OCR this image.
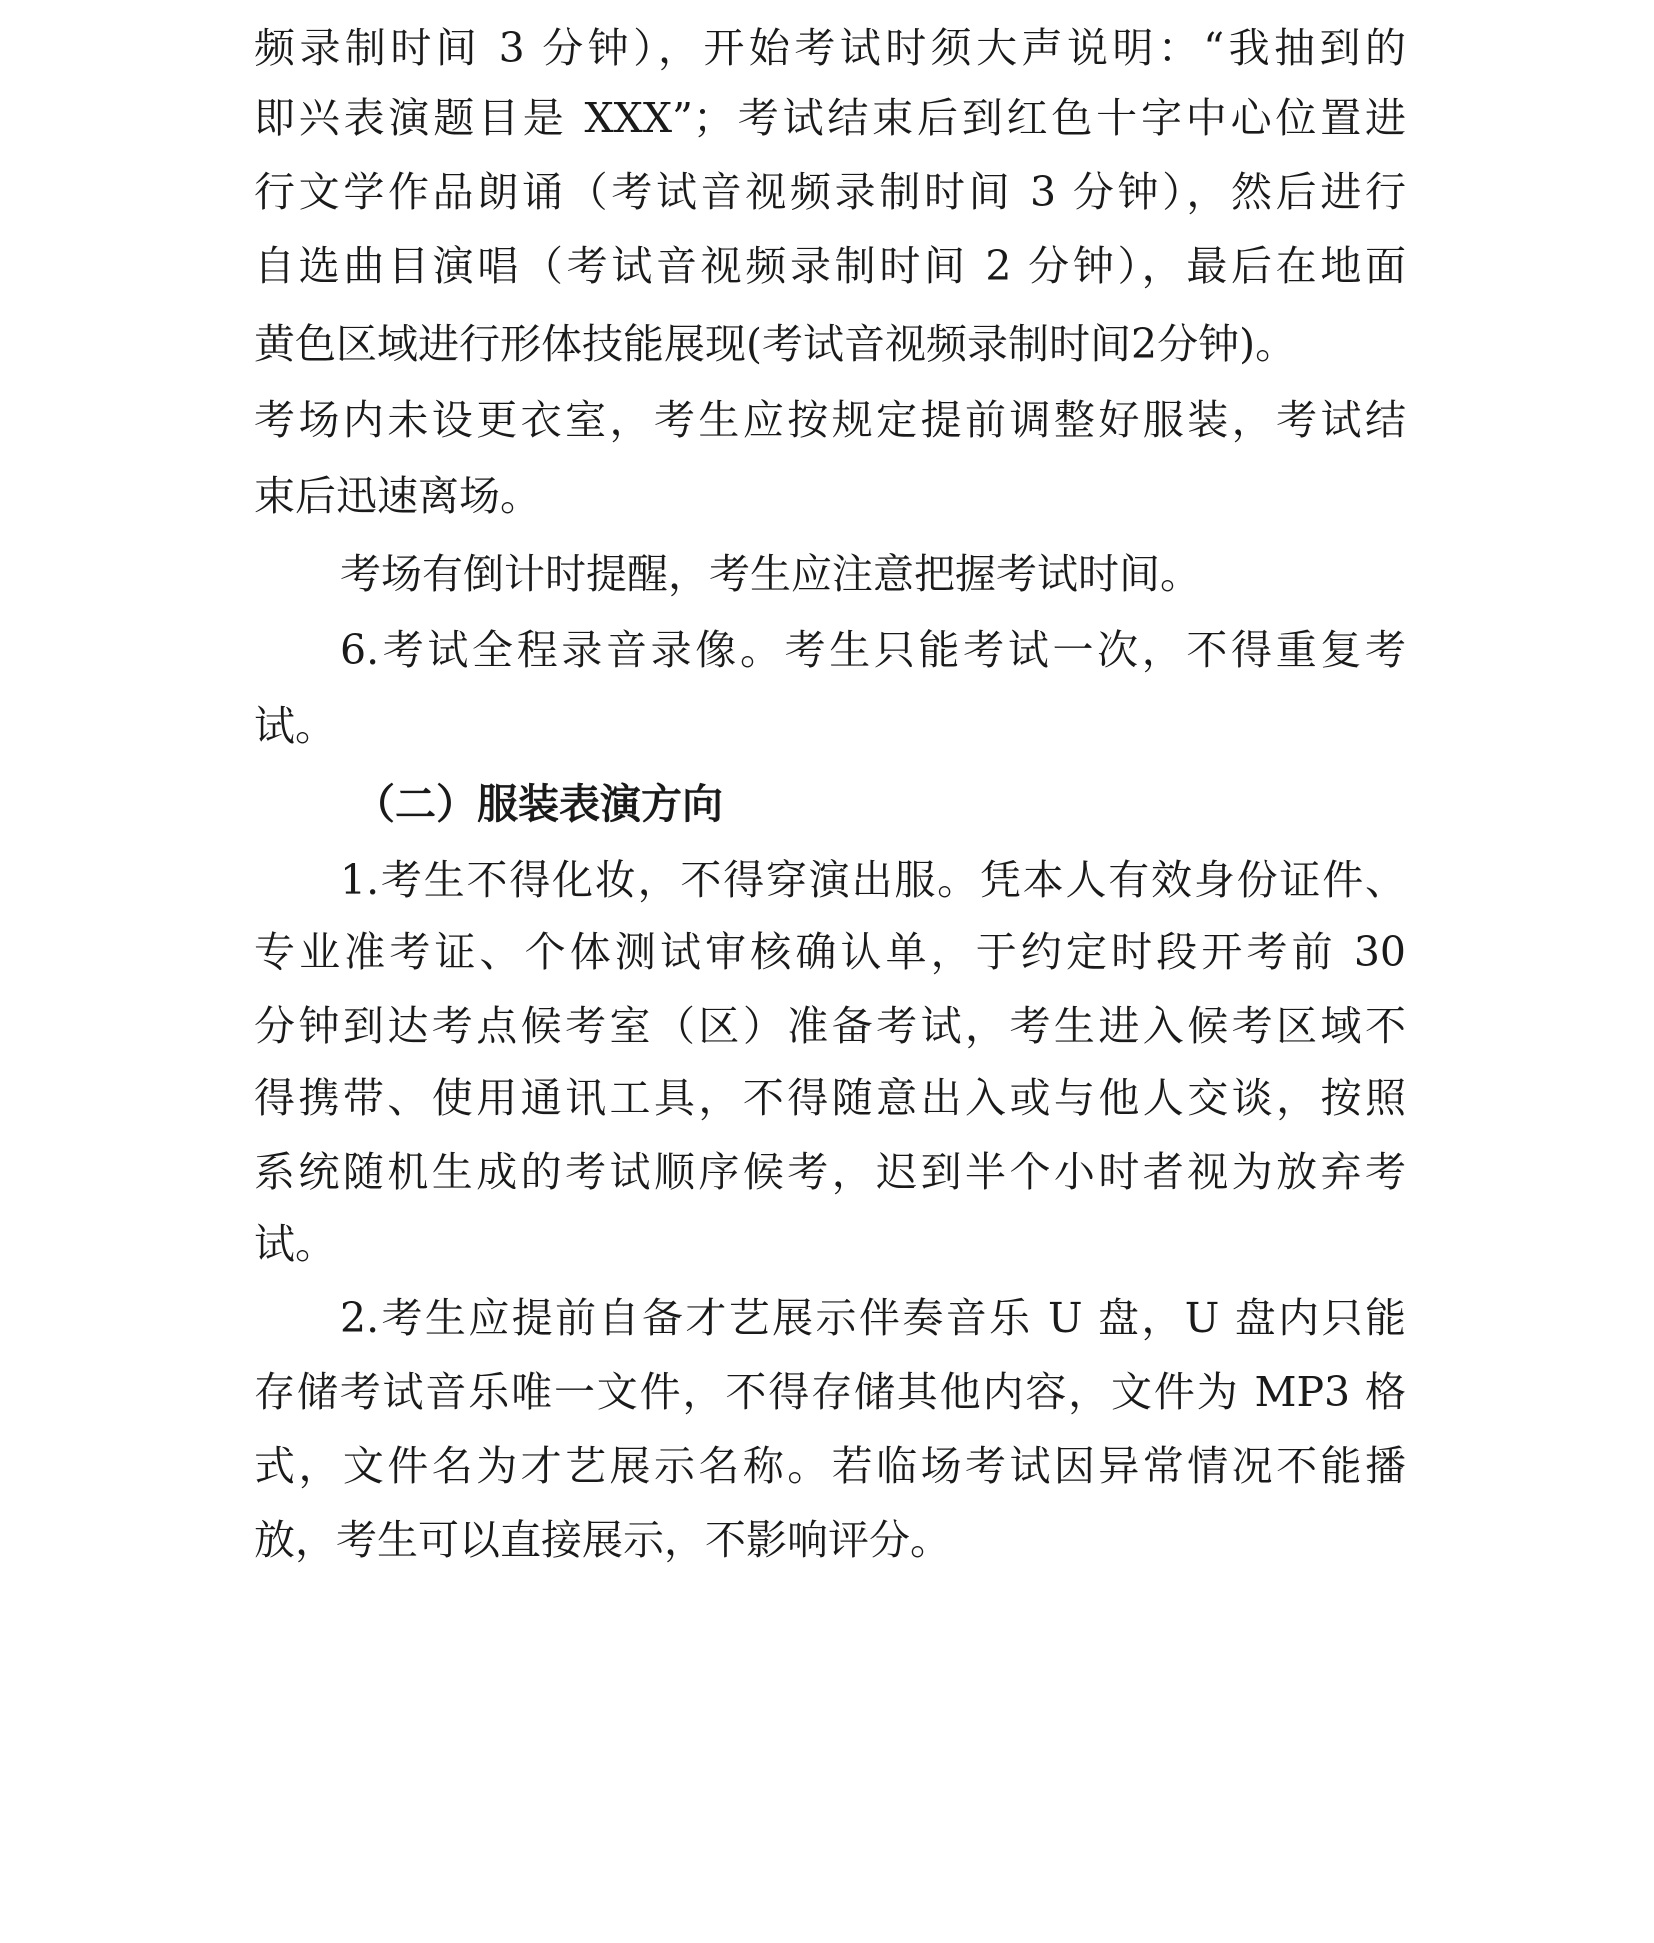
频录制时间 3 分钟），开始考试时须大声说明：“我抽到的
即兴表演题目是 XXX”；考试结束后到红色十字中心位置进
行文学作品朗诵（考试音视频录制时间 3 分钟），然后进行
自选曲目演唱（考试音视频录制时间 2 分钟），最后在地面
黄色区域进行形体技能展现(考试音视频录制时间2分钟)。
考场内未设更衣室，考生应按规定提前调整好服装，考试结
束后迅速离场。
考场有倒计时提醒，考生应注意把握考试时间。
6.考试全程录音录像。考生只能考试一次，不得重复考
试。
（二）服装表演方向
1.考生不得化妆，不得穿演出服。凭本人有效身份证件、
专业准考证、个体测试审核确认单，于约定时段开考前 30
分钟到达考点候考室（区）准备考试，考生进入候考区域不
得携带、使用通讯工具，不得随意出入或与他人交谈，按照
系统随机生成的考试顺序候考，迟到半个小时者视为放弃考
试。
2.考生应提前自备才艺展示伴奏音乐 U 盘，U 盘内只能
存储考试音乐唯一文件，不得存储其他内容，文件为 MP3 格
式，文件名为才艺展示名称。若临场考试因异常情况不能播
放，考生可以直接展示，不影响评分。
